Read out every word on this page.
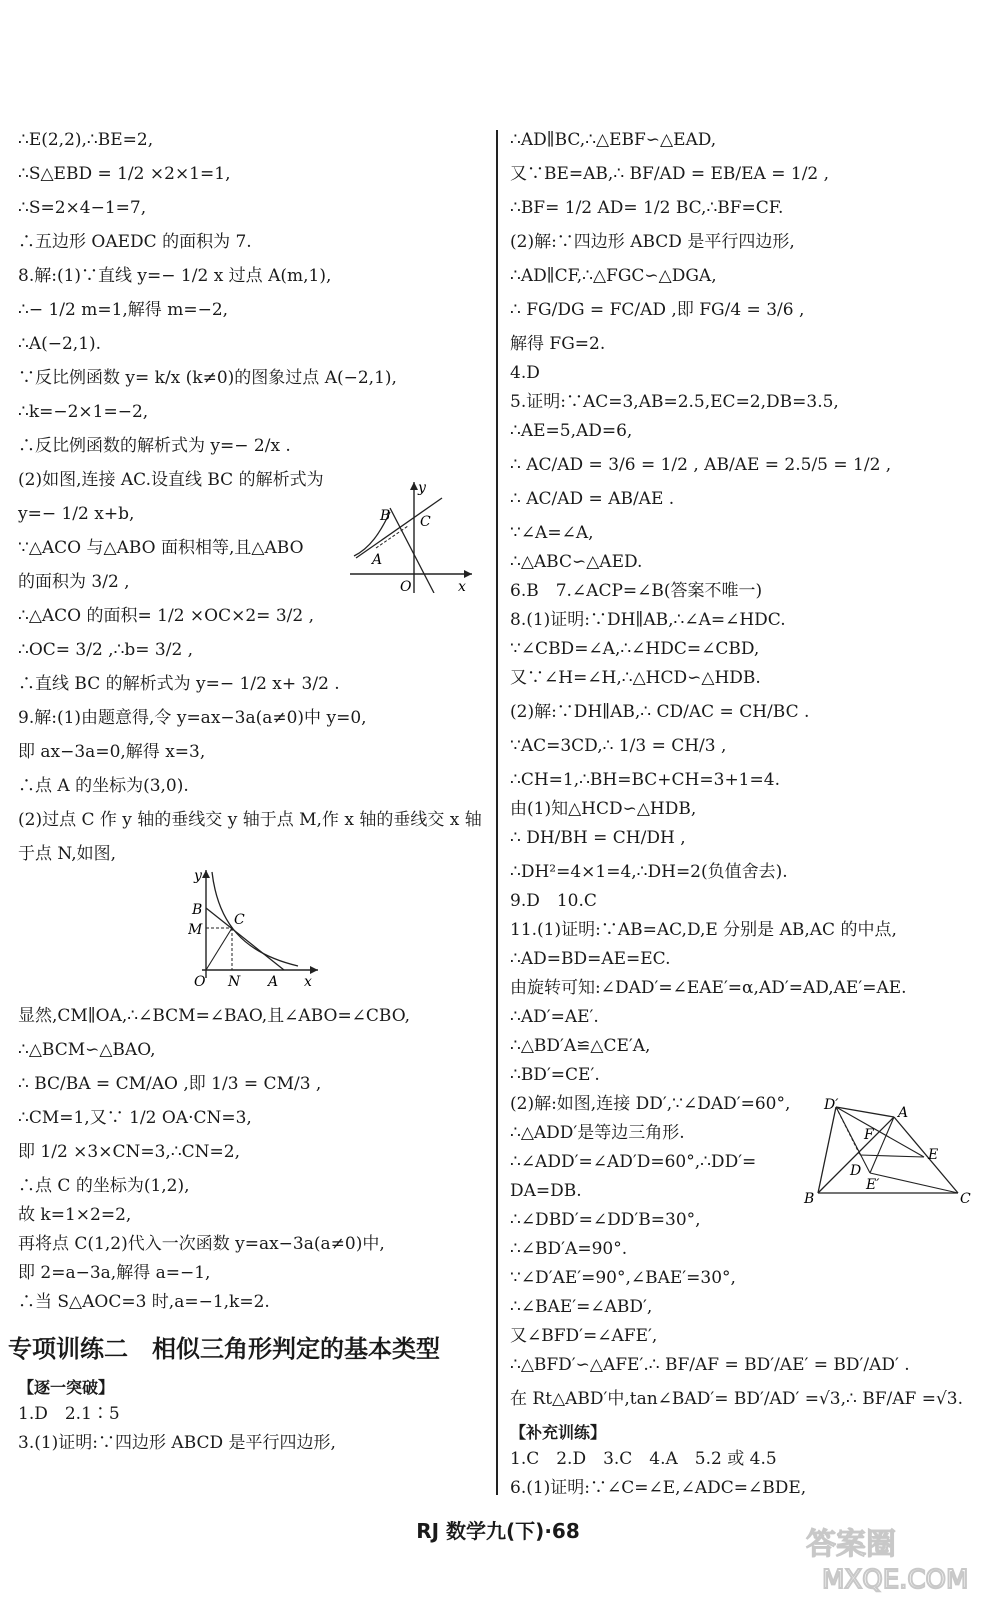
∴E(2,2),∴BE=2,
∴S△EBD = 1/2 ×2×1=1,
∴S=2×4−1=7,
∴五边形 OAEDC 的面积为 7.
8.解:(1)∵直线 y=− 1/2 x 过点 A(m,1),
∴− 1/2 m=1,解得 m=−2,
∴A(−2,1).
∵反比例函数 y= k/x (k≠0)的图象过点 A(−2,1),
∴k=−2×1=−2,
∴反比例函数的解析式为 y=− 2/x .
(2)如图,连接 AC.设直线 BC 的解析式为
y=− 1/2 x+b,
∵△ACO 与△ABO 面积相等,且△ABO
的面积为 3/2 ,
∴△ACO 的面积= 1/2 ×OC×2= 3/2 ,
∴OC= 3/2 ,∴b= 3/2 ,
∴直线 BC 的解析式为 y=− 1/2 x+ 3/2 .
9.解:(1)由题意得,令 y=ax−3a(a≠0)中 y=0,
即 ax−3a=0,解得 x=3,
∴点 A 的坐标为(3,0).
(2)过点 C 作 y 轴的垂线交 y 轴于点 M,作 x 轴的垂线交 x 轴
于点 N,如图,
显然,CM∥OA,∴∠BCM=∠BAO,且∠ABO=∠CBO,
∴△BCM∽△BAO,
∴ BC/BA = CM/AO ,即 1/3 = CM/3 ,
∴CM=1,又∵ 1/2 OA·CN=3,
即 1/2 ×3×CN=3,∴CN=2,
∴点 C 的坐标为(1,2),
故 k=1×2=2,
再将点 C(1,2)代入一次函数 y=ax−3a(a≠0)中,
即 2=a−3a,解得 a=−1,
∴当 S△AOC=3 时,a=−1,k=2.
专项训练二　相似三角形判定的基本类型
【逐一突破】
1.D　2.1∶5
3.(1)证明:∵四边形 ABCD 是平行四边形,
∴AD∥BC,∴△EBF∽△EAD,
又∵BE=AB,∴ BF/AD = EB/EA = 1/2 ,
∴BF= 1/2 AD= 1/2 BC,∴BF=CF.
(2)解:∵四边形 ABCD 是平行四边形,
∴AD∥CF,∴△FGC∽△DGA,
∴ FG/DG = FC/AD ,即 FG/4 = 3/6 ,
解得 FG=2.
4.D
5.证明:∵AC=3,AB=2.5,EC=2,DB=3.5,
∴AE=5,AD=6,
∴ AC/AD = 3/6 = 1/2 , AB/AE = 2.5/5 = 1/2 ,
∴ AC/AD = AB/AE .
∵∠A=∠A,
∴△ABC∽△AED.
6.B　7.∠ACP=∠B(答案不唯一)
8.(1)证明:∵DH∥AB,∴∠A=∠HDC.
∵∠CBD=∠A,∴∠HDC=∠CBD,
又∵∠H=∠H,∴△HCD∽△HDB.
(2)解:∵DH∥AB,∴ CD/AC = CH/BC .
∵AC=3CD,∴ 1/3 = CH/3 ,
∴CH=1,∴BH=BC+CH=3+1=4.
由(1)知△HCD∽△HDB,
∴ DH/BH = CH/DH ,
∴DH²=4×1=4,∴DH=2(负值舍去).
9.D　10.C
11.(1)证明:∵AB=AC,D,E 分别是 AB,AC 的中点,
∴AD=BD=AE=EC.
由旋转可知:∠DAD′=∠EAE′=α,AD′=AD,AE′=AE.
∴AD′=AE′.
∴△BD′A≌△CE′A,
∴BD′=CE′.
(2)解:如图,连接 DD′,∵∠DAD′=60°,
∴△ADD′是等边三角形.
∴∠ADD′=∠AD′D=60°,∴DD′=
DA=DB.
∴∠DBD′=∠DD′B=30°,
∴∠BD′A=90°.
∵∠D′AE′=90°,∠BAE′=30°,
∴∠BAE′=∠ABD′,
又∠BFD′=∠AFE′,
∴△BFD′∽△AFE′.∴ BF/AF = BD′/AE′ = BD′/AD′ .
在 Rt△ABD′中,tan∠BAD′= BD′/AD′ =√3,∴ BF/AF =√3.
【补充训练】
1.C　2.D　3.C　4.A　5.2 或 4.5
6.(1)证明:∵∠C=∠E,∠ADC=∠BDE,
y
B C
A
O	x
y
B
M
C
O N A x
D′	A
F
E
D
E′
B	C
RJ 数学九(下)·68	答案圈
MXQE.COM
